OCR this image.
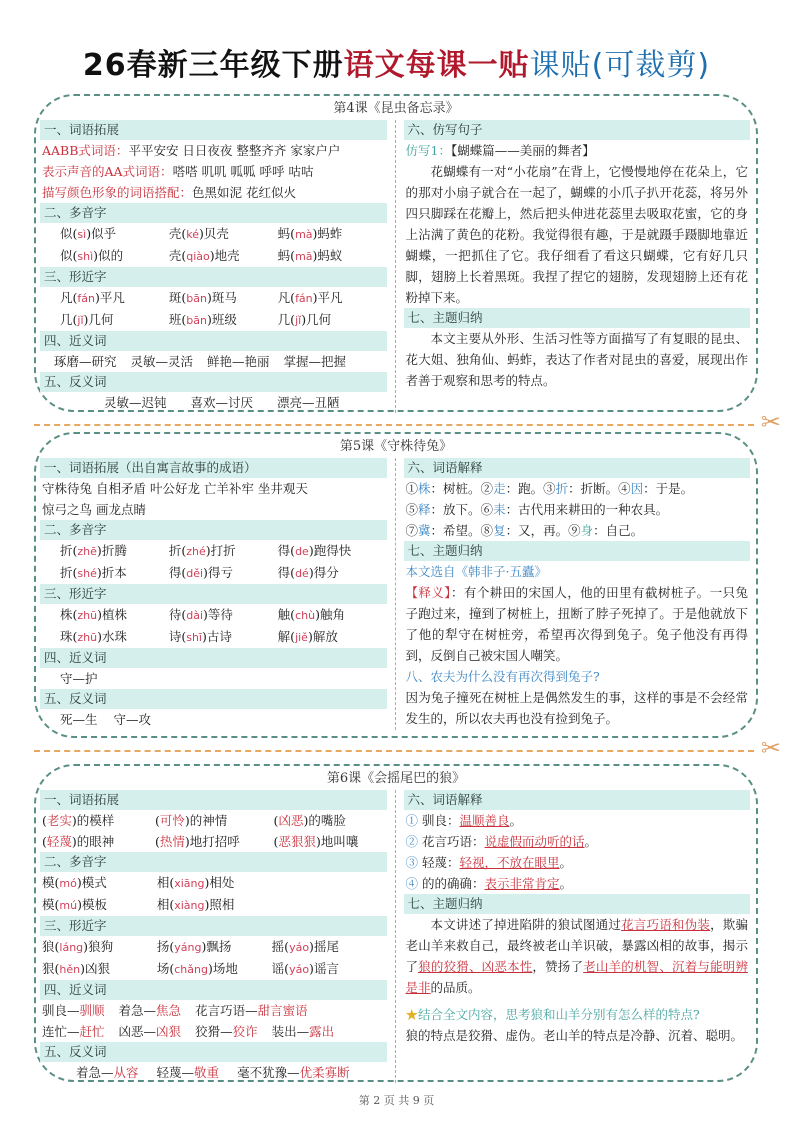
26春新三年级下册语文每课一贴课贴(可裁剪)
第4课《昆虫备忘录》
一、词语拓展
AABB式词语：平平安安 日日夜夜 整整齐齐 家家户户
表示声音的AA式词语：嗒嗒 叽叽 呱呱 呼呼 咕咕
描写颜色形象的词语搭配：色黑如泥 花红似火
二、多音字
似(sì)似乎	壳(ké)贝壳	蚂(mà)蚂蚱
似(shì)似的	壳(qiào)地壳	蚂(mā)蚂蚁
三、形近字
凡(fán)平凡	斑(bān)斑马	凡(fán)平凡
几(jǐ)几何	班(bān)班级	几(jǐ)几何
四、近义词
琢磨—研究 灵敏—灵活 鲜艳—艳丽 掌握—把握
五、反义词
灵敏—迟钝 喜欢—讨厌 漂亮—丑陋
六、仿写句子
仿写1：【蝴蝶篇——美丽的舞者】
花蝴蝶有一对“小花扇”在背上，它慢慢地停在花朵上，它的那对小扇子就合在一起了，蝴蝶的小爪子扒开花蕊，将另外四只脚踩在花瓣上，然后把头伸进花蕊里去吸取花蜜，它的身上沾满了黄色的花粉。我觉得很有趣，于是就蹑手蹑脚地靠近蝴蝶，一把抓住了它。我仔细看了看这只蝴蝶，它有好几只脚，翅膀上长着黑斑。我捏了捏它的翅膀，发现翅膀上还有花粉掉下来。
七、主题归纳
本文主要从外形、生活习性等方面描写了有复眼的昆虫、花大姐、独角仙、蚂蚱，表达了作者对昆虫的喜爱，展现出作者善于观察和思考的特点。
✂
第5课《守株待兔》
一、词语拓展（出自寓言故事的成语）
守株待兔 自相矛盾 叶公好龙 亡羊补牢 坐井观天
惊弓之鸟 画龙点睛
二、多音字
折(zhē)折腾	折(zhé)打折	得(de)跑得快
折(shé)折本	得(děi)得亏	得(dé)得分
三、形近字
株(zhū)植株	待(dài)等待	触(chù)触角
珠(zhū)水珠	诗(shī)古诗	解(jiě)解放
四、近义词
守—护
五、反义词
死—生 守—攻
六、词语解释
①株：树桩。②走：跑。③折：折断。④因：于是。
⑤释：放下。⑥耒：古代用来耕田的一种农具。
⑦冀：希望。⑧复：又，再。⑨身：自己。
七、主题归纳
本文选自《韩非子·五蠹》
【释义】：有个耕田的宋国人，他的田里有截树桩子。一只兔子跑过来，撞到了树桩上，扭断了脖子死掉了。于是他就放下了他的犁守在树桩旁，希望再次得到兔子。兔子他没有再得到，反倒自己被宋国人嘲笑。
八、农夫为什么没有再次得到兔子?
因为兔子撞死在树桩上是偶然发生的事，这样的事是不会经常发生的，所以农夫再也没有捡到兔子。
✂
第6课《会摇尾巴的狼》
一、词语拓展
(老实)的模样	(可怜)的神情	(凶恶)的嘴脸
(轻蔑)的眼神	(热情)地打招呼	(恶狠狠)地叫嚷
二、多音字
模(mó)模式	相(xiāng)相处
模(mú)模板	相(xiàng)照相
三、形近字
狼(láng)狼狗	扬(yáng)飘扬	摇(yáo)摇尾
狠(hěn)凶狠	场(chǎng)场地	谣(yáo)谣言
四、近义词
驯良—驯顺 着急—焦急 花言巧语—甜言蜜语
连忙—赶忙 凶恶—凶狠 狡猾—狡诈 装出—露出
五、反义词
着急—从容 轻蔑—敬重 毫不犹豫—优柔寡断
六、词语解释
① 驯良：温顺善良。
② 花言巧语：说虚假而动听的话。
③ 轻蔑：轻视，不放在眼里。
④ 的的确确：表示非常肯定。
七、主题归纳
本文讲述了掉进陷阱的狼试图通过花言巧语和伪装，欺骗老山羊来救自己，最终被老山羊识破，暴露凶相的故事，揭示了狼的狡猾、凶恶本性，赞扬了老山羊的机智、沉着与能明辨是非的品质。
★结合全文内容，思考狼和山羊分别有怎么样的特点?
狼的特点是狡猾、虚伪。老山羊的特点是冷静、沉着、聪明。
第 2 页 共 9 页
